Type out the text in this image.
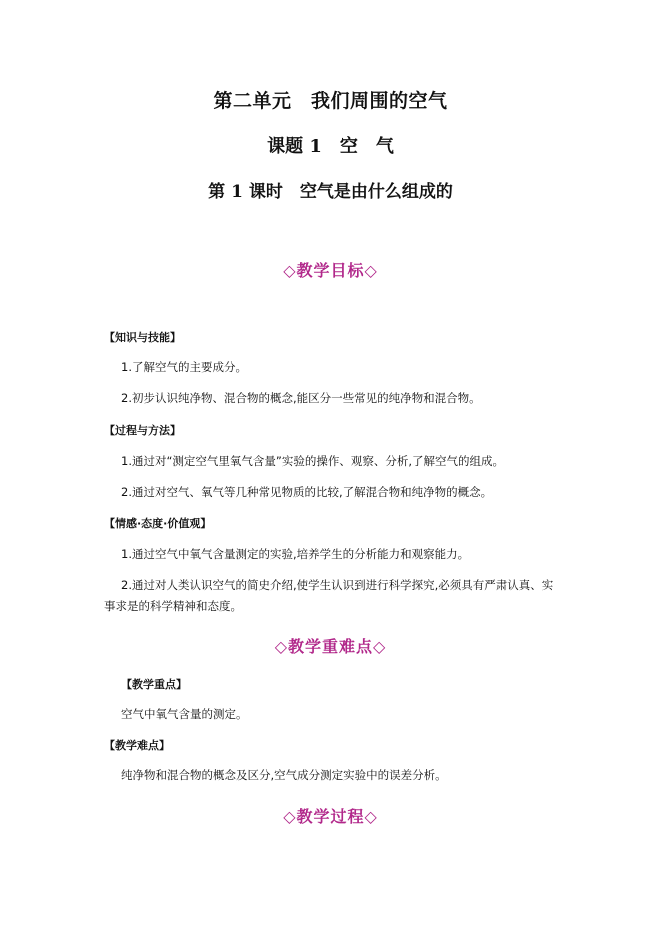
第二单元　我们周围的空气
课题 1　空　气
第 1 课时　空气是由什么组成的
◇教学目标◇
【知识与技能】
1.了解空气的主要成分。
2.初步认识纯净物、混合物的概念,能区分一些常见的纯净物和混合物。
【过程与方法】
1.通过对“测定空气里氧气含量”实验的操作、观察、分析,了解空气的组成。
2.通过对空气、氧气等几种常见物质的比较,了解混合物和纯净物的概念。
【情感·态度·价值观】
1.通过空气中氧气含量测定的实验,培养学生的分析能力和观察能力。
2.通过对人类认识空气的简史介绍,使学生认识到进行科学探究,必须具有严肃认真、实
事求是的科学精神和态度。
◇教学重难点◇
【教学重点】
空气中氧气含量的测定。
【教学难点】
纯净物和混合物的概念及区分,空气成分测定实验中的误差分析。
◇教学过程◇
